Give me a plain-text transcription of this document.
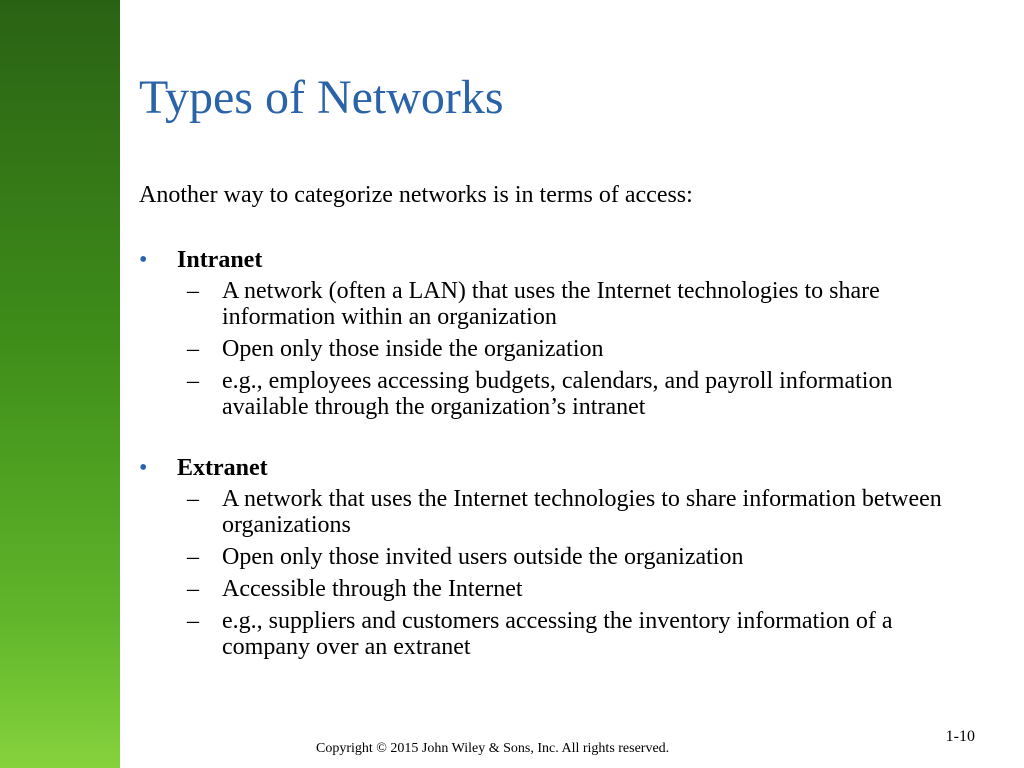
Types of Networks
Another way to categorize networks is in terms of access:
• Intranet
– A network (often a LAN) that uses the Internet technologies to share information within an organization
– Open only those inside the organization
– e.g., employees accessing budgets, calendars, and payroll information available through the organization’s intranet
• Extranet
– A network that uses the Internet technologies to share information between organizations
– Open only those invited users outside the organization
– Accessible through the Internet
– e.g., suppliers and customers accessing the inventory information of a company over an extranet
1-10
Copyright © 2015 John Wiley & Sons, Inc. All rights reserved.
